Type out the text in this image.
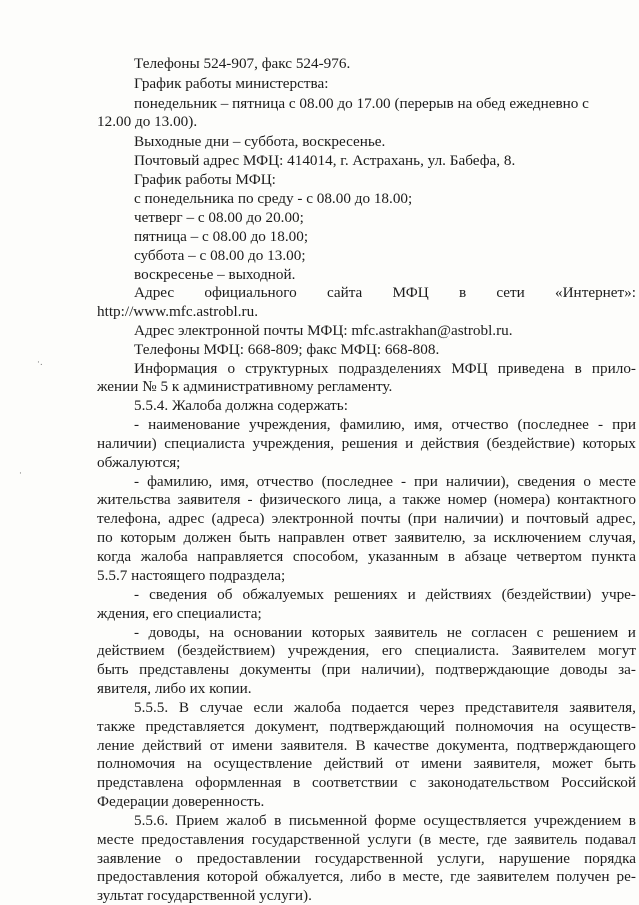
·.
·
Телефоны 524-907, факс 524-976.
График работы министерства:
понедельник – пятница с 08.00 до 17.00 (перерыв на обед ежедневно с
12.00 до 13.00).
Выходные дни – суббота, воскресенье.
Почтовый адрес МФЦ: 414014, г. Астрахань, ул. Бабефа, 8.
График работы МФЦ:
с понедельника по среду - с 08.00 до 18.00;
четверг – с 08.00 до 20.00;
пятница – с 08.00 до 18.00;
суббота – с 08.00 до 13.00;
воскресенье – выходной.
Адрес официального сайта МФЦ в сети «Интернет»:
http://www.mfc.astrobl.ru.
Адрес электронной почты МФЦ: mfc.astrakhan@astrobl.ru.
Телефоны МФЦ: 668-809; факс МФЦ: 668-808.
Информация о структурных подразделениях МФЦ приведена в прило-
жении № 5 к административному регламенту.
5.5.4. Жалоба должна содержать:
- наименование учреждения, фамилию, имя, отчество (последнее - при
наличии) специалиста учреждения, решения и действия (бездействие) которых
обжалуются;
- фамилию, имя, отчество (последнее - при наличии), сведения о месте
жительства заявителя - физического лица, а также номер (номера) контактного
телефона, адрес (адреса) электронной почты (при наличии) и почтовый адрес,
по которым должен быть направлен ответ заявителю, за исключением случая,
когда жалоба направляется способом, указанным в абзаце четвертом пункта
5.5.7 настоящего подраздела;
- сведения об обжалуемых решениях и действиях (бездействии) учре-
ждения, его специалиста;
- доводы, на основании которых заявитель не согласен с решением и
действием (бездействием) учреждения, его специалиста. Заявителем могут
быть представлены документы (при наличии), подтверждающие доводы за-
явителя, либо их копии.
5.5.5. В случае если жалоба подается через представителя заявителя,
также представляется документ, подтверждающий полномочия на осуществ-
ление действий от имени заявителя. В качестве документа, подтверждающего
полномочия на осуществление действий от имени заявителя, может быть
представлена оформленная в соответствии с законодательством Российской
Федерации доверенность.
5.5.6. Прием жалоб в письменной форме осуществляется учреждением в
месте предоставления государственной услуги (в месте, где заявитель подавал
заявление о предоставлении государственной услуги, нарушение порядка
предоставления которой обжалуется, либо в месте, где заявителем получен ре-
зультат государственной услуги).
